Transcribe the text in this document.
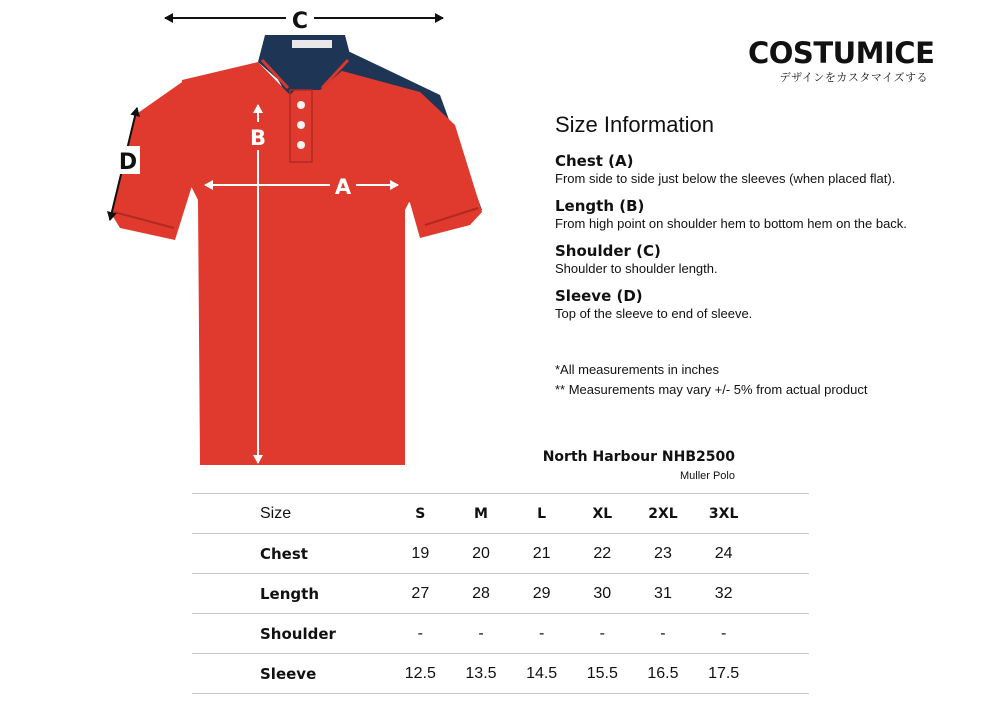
C
D
B
A
COSTUMICE
デザインをカスタマイズする
Size Information
Chest (A)
From side to side just below the sleeves (when placed flat).
Length (B)
From high point on shoulder hem to bottom hem on the back.
Shoulder (C)
Shoulder to shoulder length.
Sleeve (D)
Top of the sleeve to end of sleeve.
*All measurements in inches
** Measurements may vary +/- 5% from actual product
North Harbour NHB2500
Muller Polo
Size	S	M	L	XL	2XL	3XL	
Chest	19	20	21	22	23	24	
Length	27	28	29	30	31	32	
Shoulder	-	-	-	-	-	-	
Sleeve	12.5	13.5	14.5	15.5	16.5	17.5	
